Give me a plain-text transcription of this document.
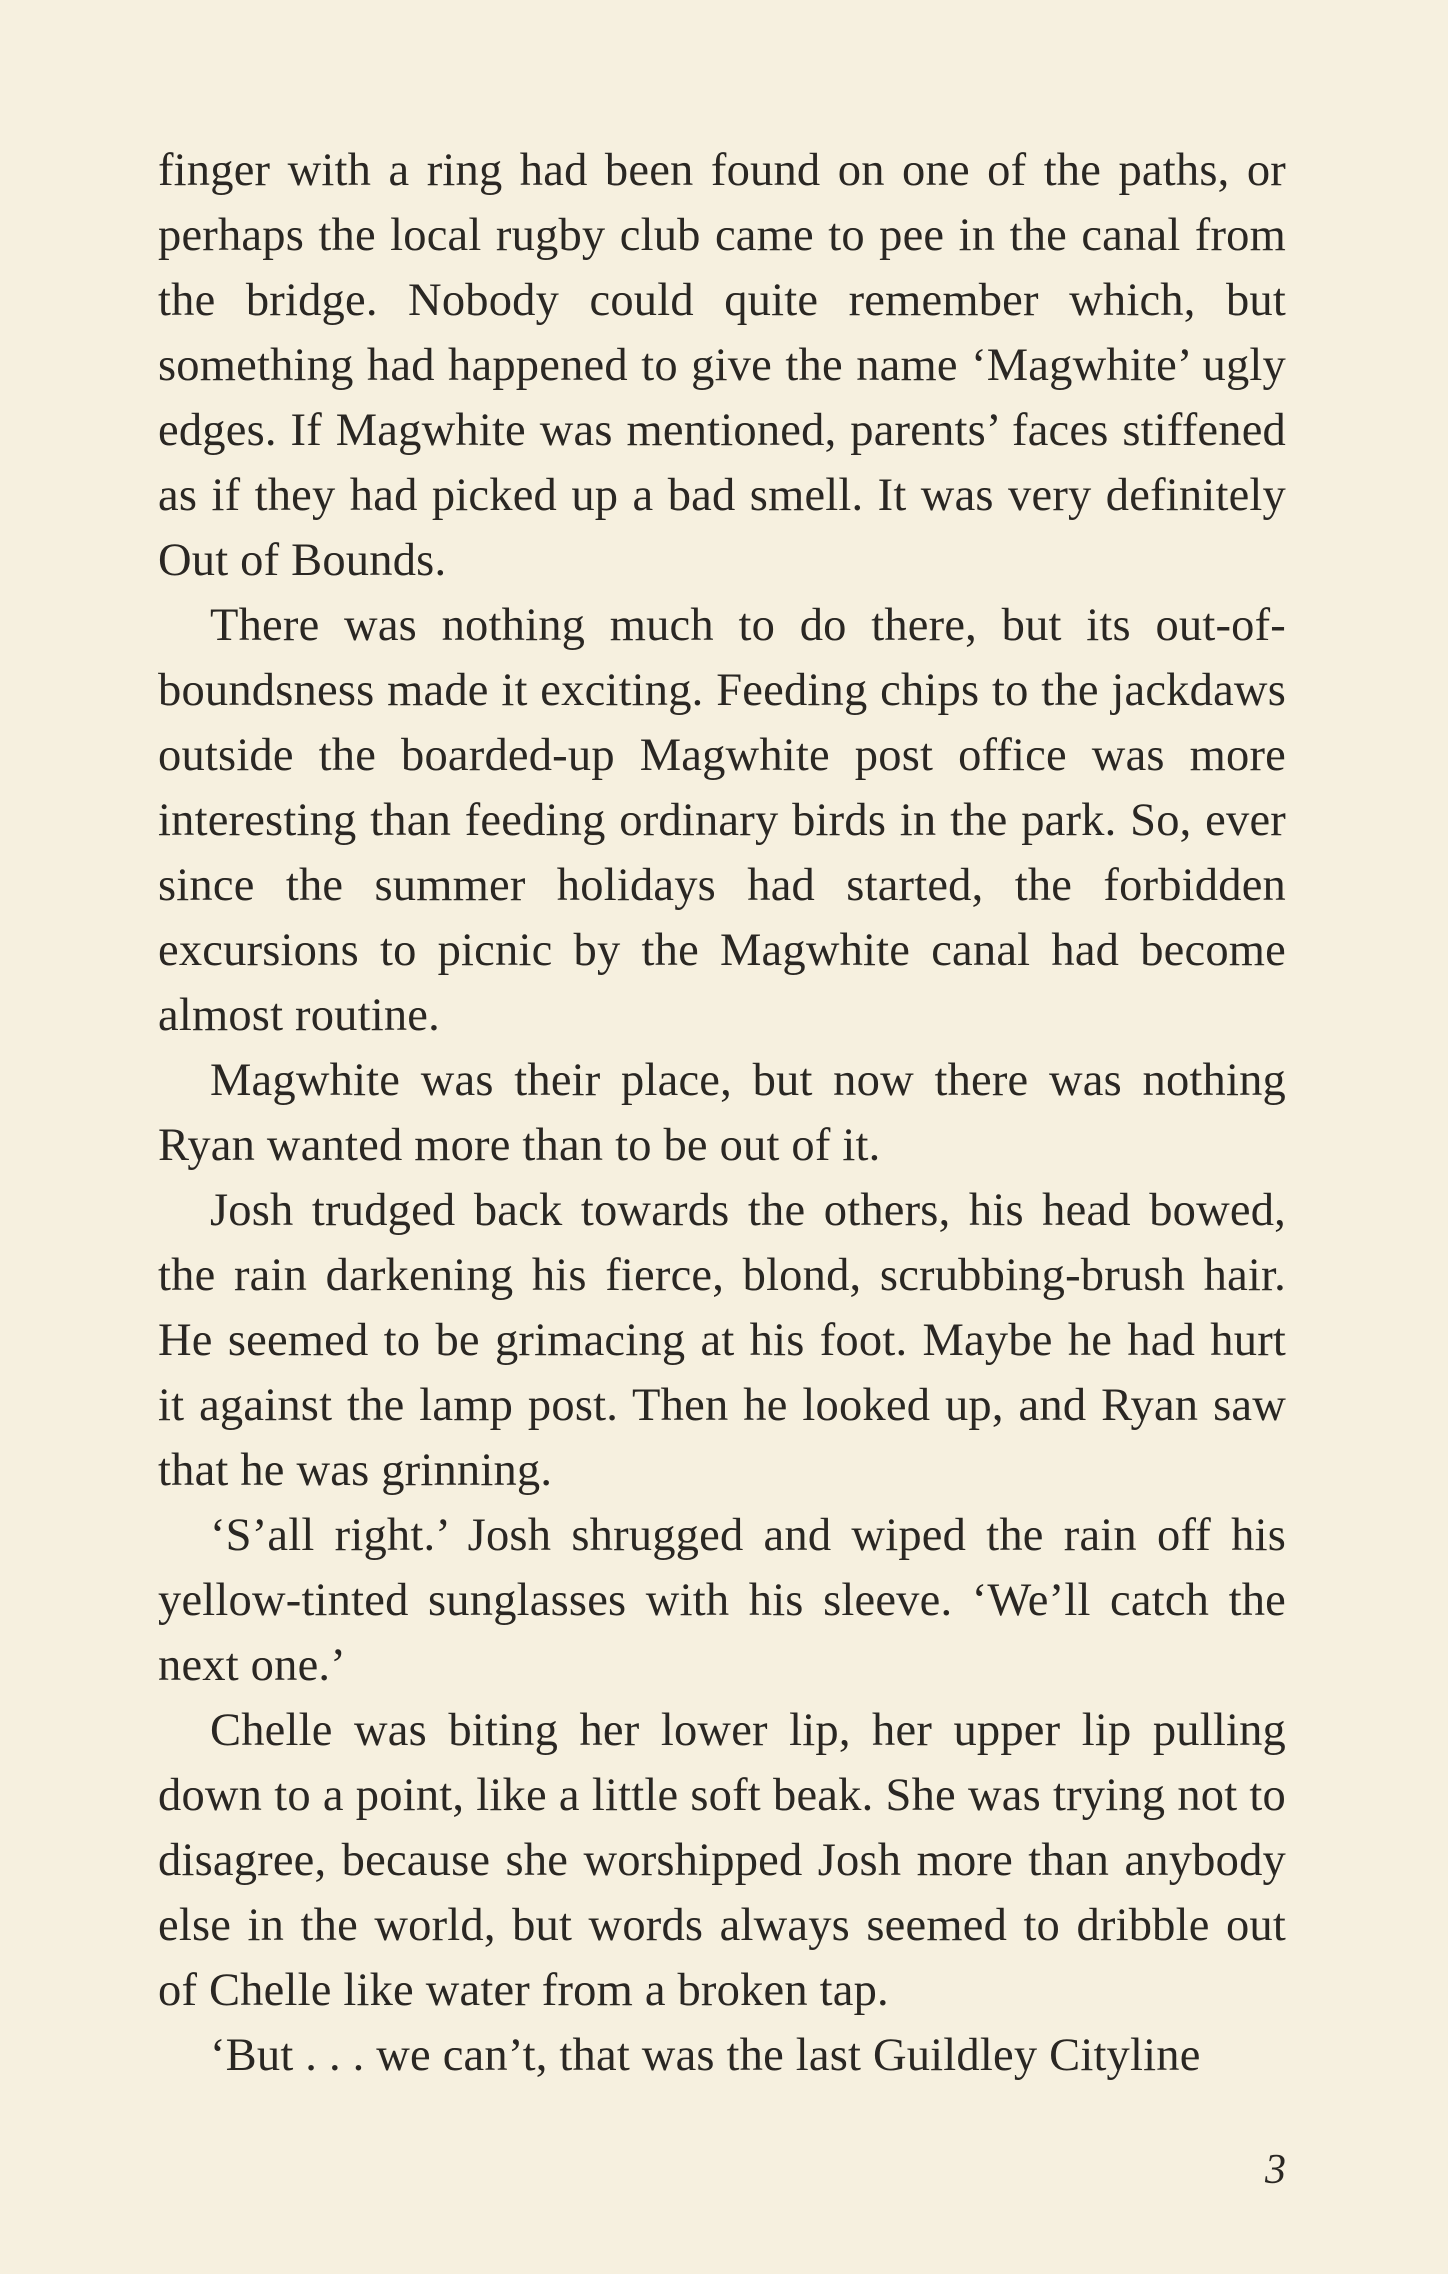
finger with a ring had been found on one of the paths, or perhaps the local rugby club came to pee in the canal from the bridge. Nobody could quite remember which, but something had happened to give the name ‘Magwhite’ ugly edges. If Magwhite was mentioned, parents’ faces stiffened as if they had picked up a bad smell. It was very definitely Out of Bounds.

There was nothing much to do there, but its out-of-boundsness made it exciting. Feeding chips to the jackdaws outside the boarded-up Magwhite post office was more interesting than feeding ordinary birds in the park. So, ever since the summer holidays had started, the forbidden excursions to picnic by the Magwhite canal had become almost routine.

Magwhite was their place, but now there was nothing Ryan wanted more than to be out of it.

Josh trudged back towards the others, his head bowed, the rain darkening his fierce, blond, scrubbing-brush hair. He seemed to be grimacing at his foot. Maybe he had hurt it against the lamp post. Then he looked up, and Ryan saw that he was grinning.

‘S’all right.’ Josh shrugged and wiped the rain off his yellow-tinted sunglasses with his sleeve. ‘We’ll catch the next one.’

Chelle was biting her lower lip, her upper lip pulling down to a point, like a little soft beak. She was trying not to disagree, because she worshipped Josh more than anybody else in the world, but words always seemed to dribble out of Chelle like water from a broken tap.

‘But . . . we can’t, that was the last Guildley Cityline

3
